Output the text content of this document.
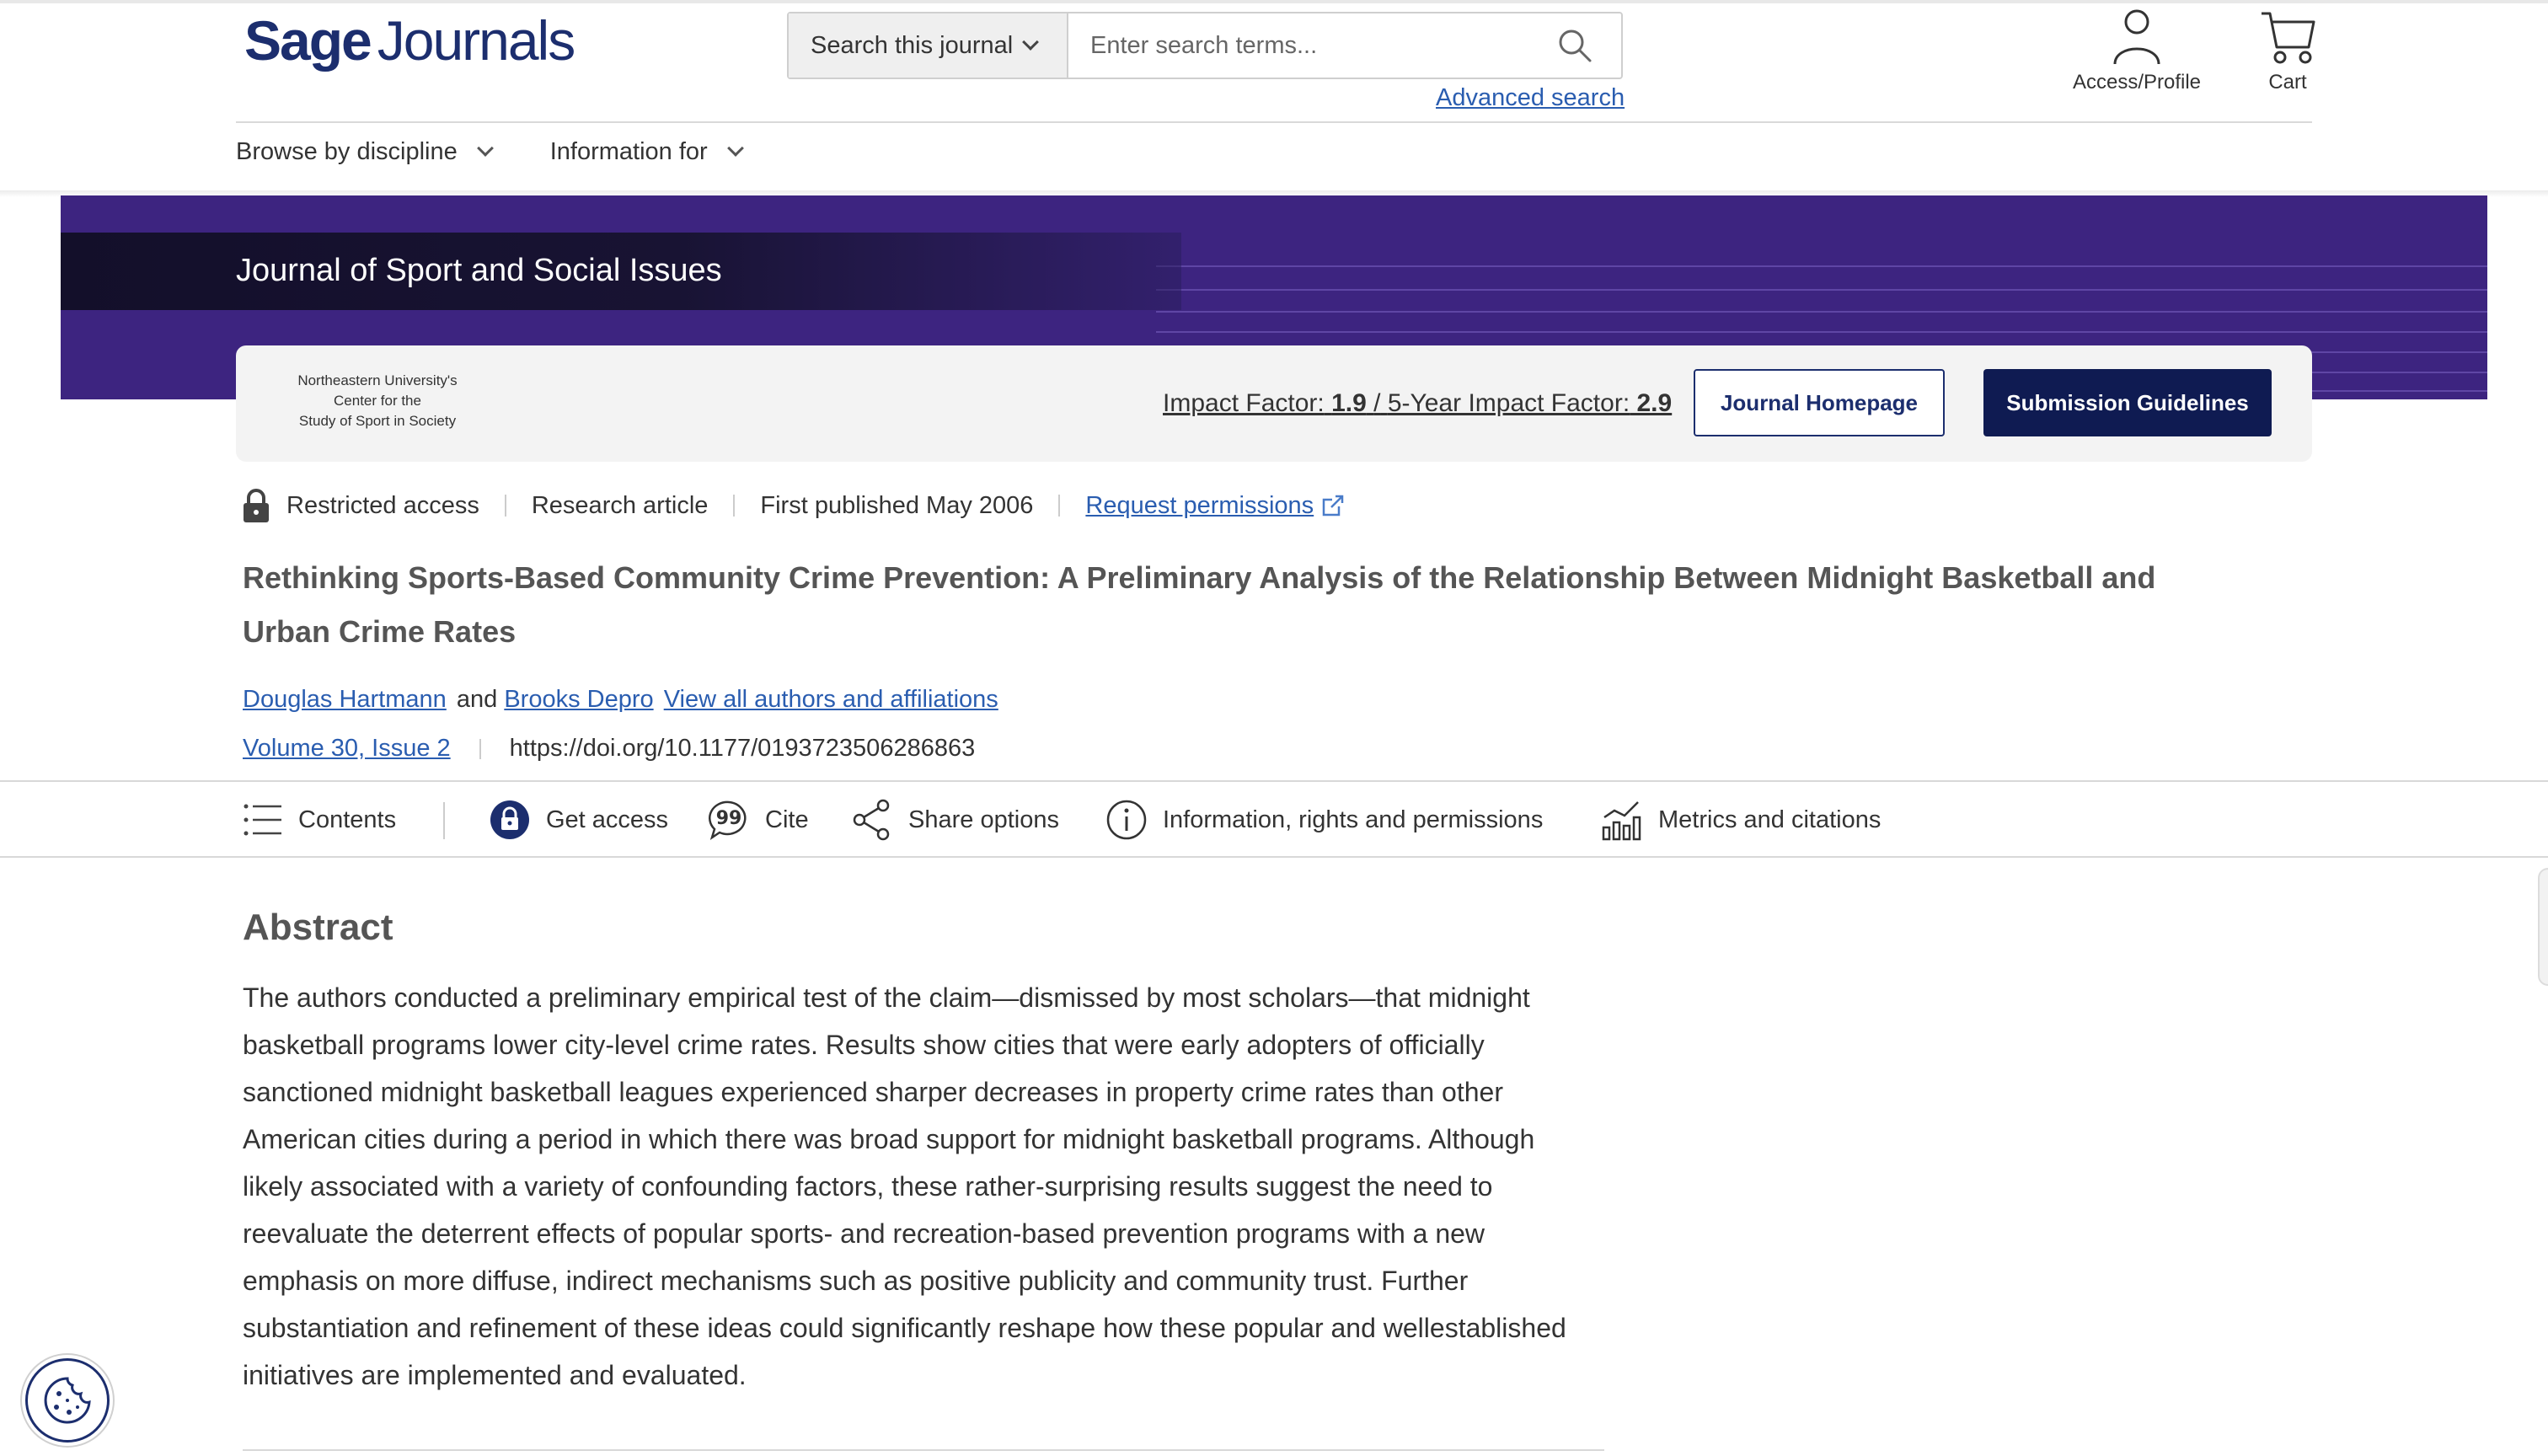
Sage Journals	Search this journal
Enter search terms...
Advanced search
Access/Profile	Cart
Browse by discipline	Information for
Journal of Sport and Social Issues
Northeastern University's
Center for the
Study of Sport in Society
Impact Factor: 1.9 / 5-Year Impact Factor: 2.9	Journal Homepage	Submission Guidelines
Restricted access Research article First published May 2006 Request permissions
Rethinking Sports-Based Community Crime Prevention: A Preliminary Analysis of the Relationship Between Midnight Basketball and Urban Crime Rates
Douglas Hartmann and Brooks Depro View all authors and affiliations
Volume 30, Issue 2 https://doi.org/10.1177/0193723506286863
Contents	Get access	99 Cite	Share options	Information, rights and permissions	Metrics and citations
Abstract

The authors conducted a preliminary empirical test of the claim—dismissed by most scholars—that midnight basketball programs lower city-level crime rates. Results show cities that were early adopters of officially sanctioned midnight basketball leagues experienced sharper decreases in property crime rates than other American cities during a period in which there was broad support for midnight basketball programs. Although likely associated with a variety of confounding factors, these rather-surprising results suggest the need to reevaluate the deterrent effects of popular sports- and recreation-based prevention programs with a new emphasis on more diffuse, indirect mechanisms such as positive publicity and community trust. Further substantiation and refinement of these ideas could significantly reshape how these popular and wellestablished initiatives are implemented and evaluated.
